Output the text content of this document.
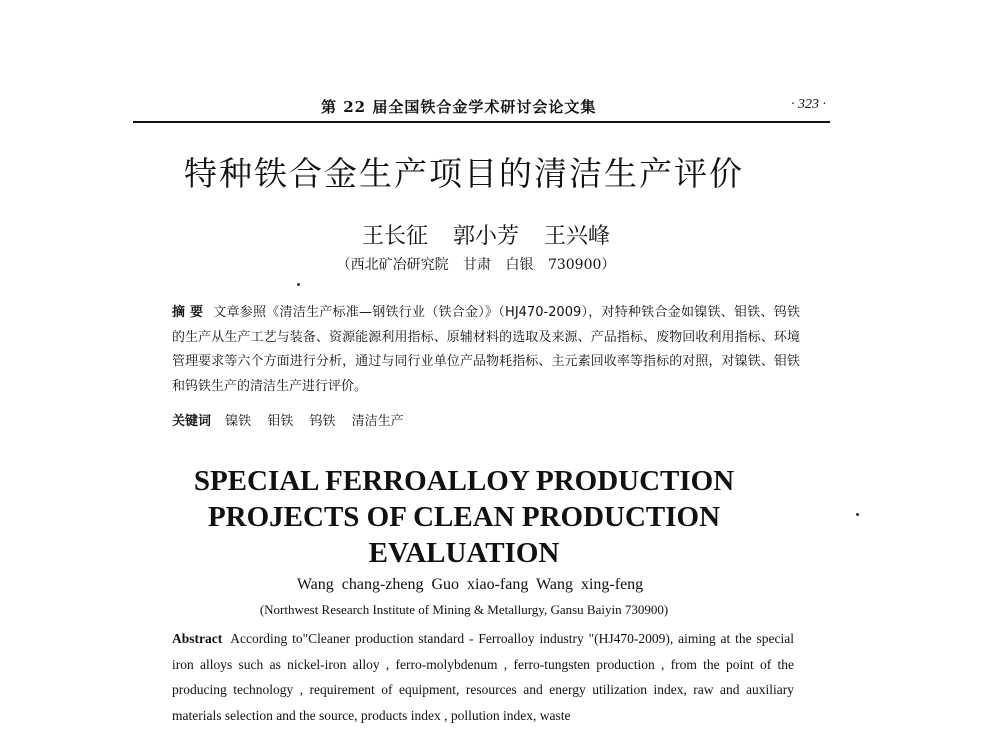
第 22 届全国铁合金学术研讨会论文集	· 323 ·
特种铁合金生产项目的清洁生产评价
王长征 郭小芳 王兴峰
（西北矿冶研究院 甘肃 白银 730900）
摘 要 文章参照《清洁生产标准—钢铁行业（铁合金）》（HJ470-2009），对特种铁合金如镍铁、钼铁、钨铁的生产从生产工艺与装备、资源能源利用指标、原辅材料的选取及来源、产品指标、废物回收利用指标、环境管理要求等六个方面进行分析，通过与同行业单位产品物耗指标、主元素回收率等指标的对照，对镍铁、钼铁和钨铁生产的清洁生产进行评价。
关键词 镍铁 钼铁 钨铁 清洁生产
SPECIAL FERROALLOY PRODUCTION
PROJECTS OF CLEAN PRODUCTION
EVALUATION
Wang chang-zheng Guo xiao-fang Wang xing-feng
(Northwest Research Institute of Mining & Metallurgy, Gansu Baiyin 730900)
Abstract According to"Cleaner production standard - Ferroalloy industry "(HJ470-2009), aiming at the special iron alloys such as nickel-iron alloy , ferro-molybdenum , ferro-tungsten production , from the point of the producing technology , requirement of equipment, resources and energy utilization index, raw and auxiliary materials selection and the source, products index , pollution index, waste
